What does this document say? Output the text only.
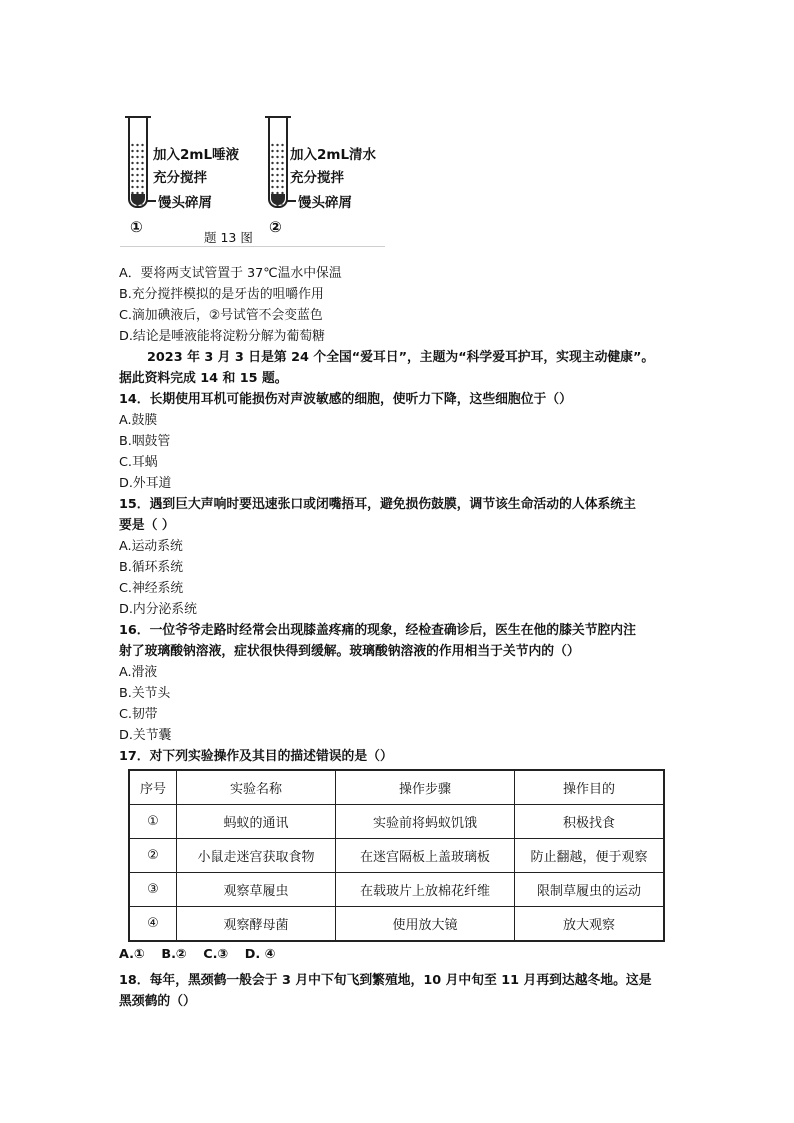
加入2mL唾液
充分搅拌
馒头碎屑
①
加入2mL清水
充分搅拌
馒头碎屑
②
题 13 图
A．要将两支试管置于 37℃温水中保温
B.充分搅拌模拟的是牙齿的咀嚼作用
C.滴加碘液后，②号试管不会变蓝色
D.结论是唾液能将淀粉分解为葡萄糖
2023 年 3 月 3 日是第 24 个全国“爱耳日”，主题为“科学爱耳护耳，实现主动健康”。
据此资料完成 14 和 15 题。
14．长期使用耳机可能损伤对声波敏感的细胞，使听力下降，这些细胞位于（）
A.鼓膜
B.咽鼓管
C.耳蜗
D.外耳道
15．遇到巨大声响时要迅速张口或闭嘴捂耳，避免损伤鼓膜，调节该生命活动的人体系统主
要是（ ）
A.运动系统
B.循环系统
C.神经系统
D.内分泌系统
16．一位爷爷走路时经常会出现膝盖疼痛的现象，经检查确诊后，医生在他的膝关节腔内注
射了玻璃酸钠溶液，症状很快得到缓解。玻璃酸钠溶液的作用相当于关节内的（）
A.滑液
B.关节头
C.韧带
D.关节囊
17．对下列实验操作及其目的描述错误的是（）
序号	实验名称	操作步骤	操作目的
①	蚂蚁的通讯	实验前将蚂蚁饥饿	积极找食
②	小鼠走迷宫获取食物	在迷宫隔板上盖玻璃板	防止翻越，便于观察
③	观察草履虫	在载玻片上放棉花纤维	限制草履虫的运动
④	观察酵母菌	使用放大镜	放大观察
A.① B.② C.③ D. ④
18．每年，黑颈鹤一般会于 3 月中下旬飞到繁殖地，10 月中旬至 11 月再到达越冬地。这是
黑颈鹤的（）
